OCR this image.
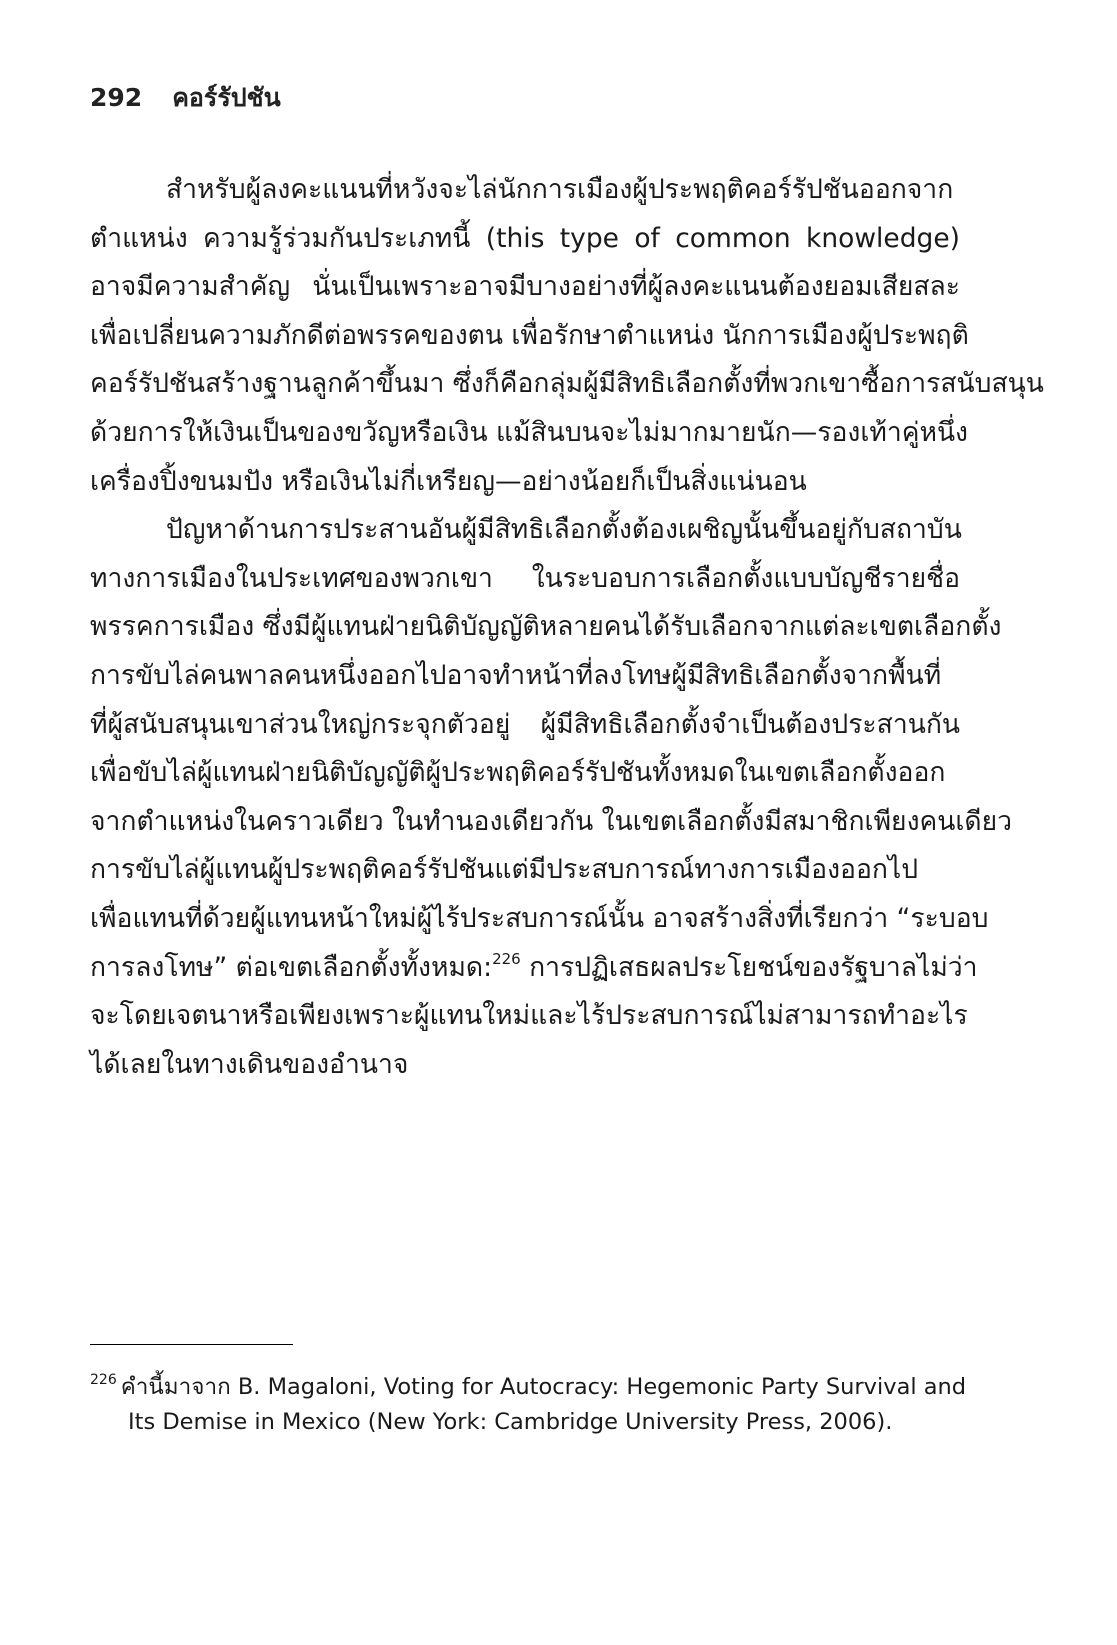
292 คอร์รัปชัน
สำหรับผู้ลงคะแนนที่หวังจะไล่นักการเมืองผู้ประพฤติคอร์รัปชันออกจาก
ตำแหน่ง ความรู้ร่วมกันประเภทนี้ (this type of common knowledge)
อาจมีความสำคัญ นั่นเป็นเพราะอาจมีบางอย่างที่ผู้ลงคะแนนต้องยอมเสียสละ
เพื่อเปลี่ยนความภักดีต่อพรรคของตน เพื่อรักษาตำแหน่ง นักการเมืองผู้ประพฤติ
คอร์รัปชันสร้างฐานลูกค้าขึ้นมา ซึ่งก็คือกลุ่มผู้มีสิทธิเลือกตั้งที่พวกเขาซื้อการสนับสนุน
ด้วยการให้เงินเป็นของขวัญหรือเงิน แม้สินบนจะไม่มากมายนัก—รองเท้าคู่หนึ่ง
เครื่องปิ้งขนมปัง หรือเงินไม่กี่เหรียญ—อย่างน้อยก็เป็นสิ่งแน่นอน
ปัญหาด้านการประสานอันผู้มีสิทธิเลือกตั้งต้องเผชิญนั้นขึ้นอยู่กับสถาบัน
ทางการเมืองในประเทศของพวกเขา ในระบอบการเลือกตั้งแบบบัญชีรายชื่อ
พรรคการเมือง ซึ่งมีผู้แทนฝ่ายนิติบัญญัติหลายคนได้รับเลือกจากแต่ละเขตเลือกตั้ง
การขับไล่คนพาลคนหนึ่งออกไปอาจทำหน้าที่ลงโทษผู้มีสิทธิเลือกตั้งจากพื้นที่
ที่ผู้สนับสนุนเขาส่วนใหญ่กระจุกตัวอยู่ ผู้มีสิทธิเลือกตั้งจำเป็นต้องประสานกัน
เพื่อขับไล่ผู้แทนฝ่ายนิติบัญญัติผู้ประพฤติคอร์รัปชันทั้งหมดในเขตเลือกตั้งออก
จากตำแหน่งในคราวเดียว ในทำนองเดียวกัน ในเขตเลือกตั้งมีสมาชิกเพียงคนเดียว
การขับไล่ผู้แทนผู้ประพฤติคอร์รัปชันแต่มีประสบการณ์ทางการเมืองออกไป
เพื่อแทนที่ด้วยผู้แทนหน้าใหม่ผู้ไร้ประสบการณ์นั้น อาจสร้างสิ่งที่เรียกว่า “ระบอบ
การลงโทษ” ต่อเขตเลือกตั้งทั้งหมด:$^{226}$ การปฏิเสธผลประโยชน์ของรัฐบาลไม่ว่า
จะโดยเจตนาหรือเพียงเพราะผู้แทนใหม่และไร้ประสบการณ์ไม่สามารถทำอะไร
ได้เลยในทางเดินของอำนาจ
$^{226}$ คำนี้มาจาก B. Magaloni, Voting for Autocracy: Hegemonic Party Survival and
Its Demise in Mexico (New York: Cambridge University Press, 2006).
